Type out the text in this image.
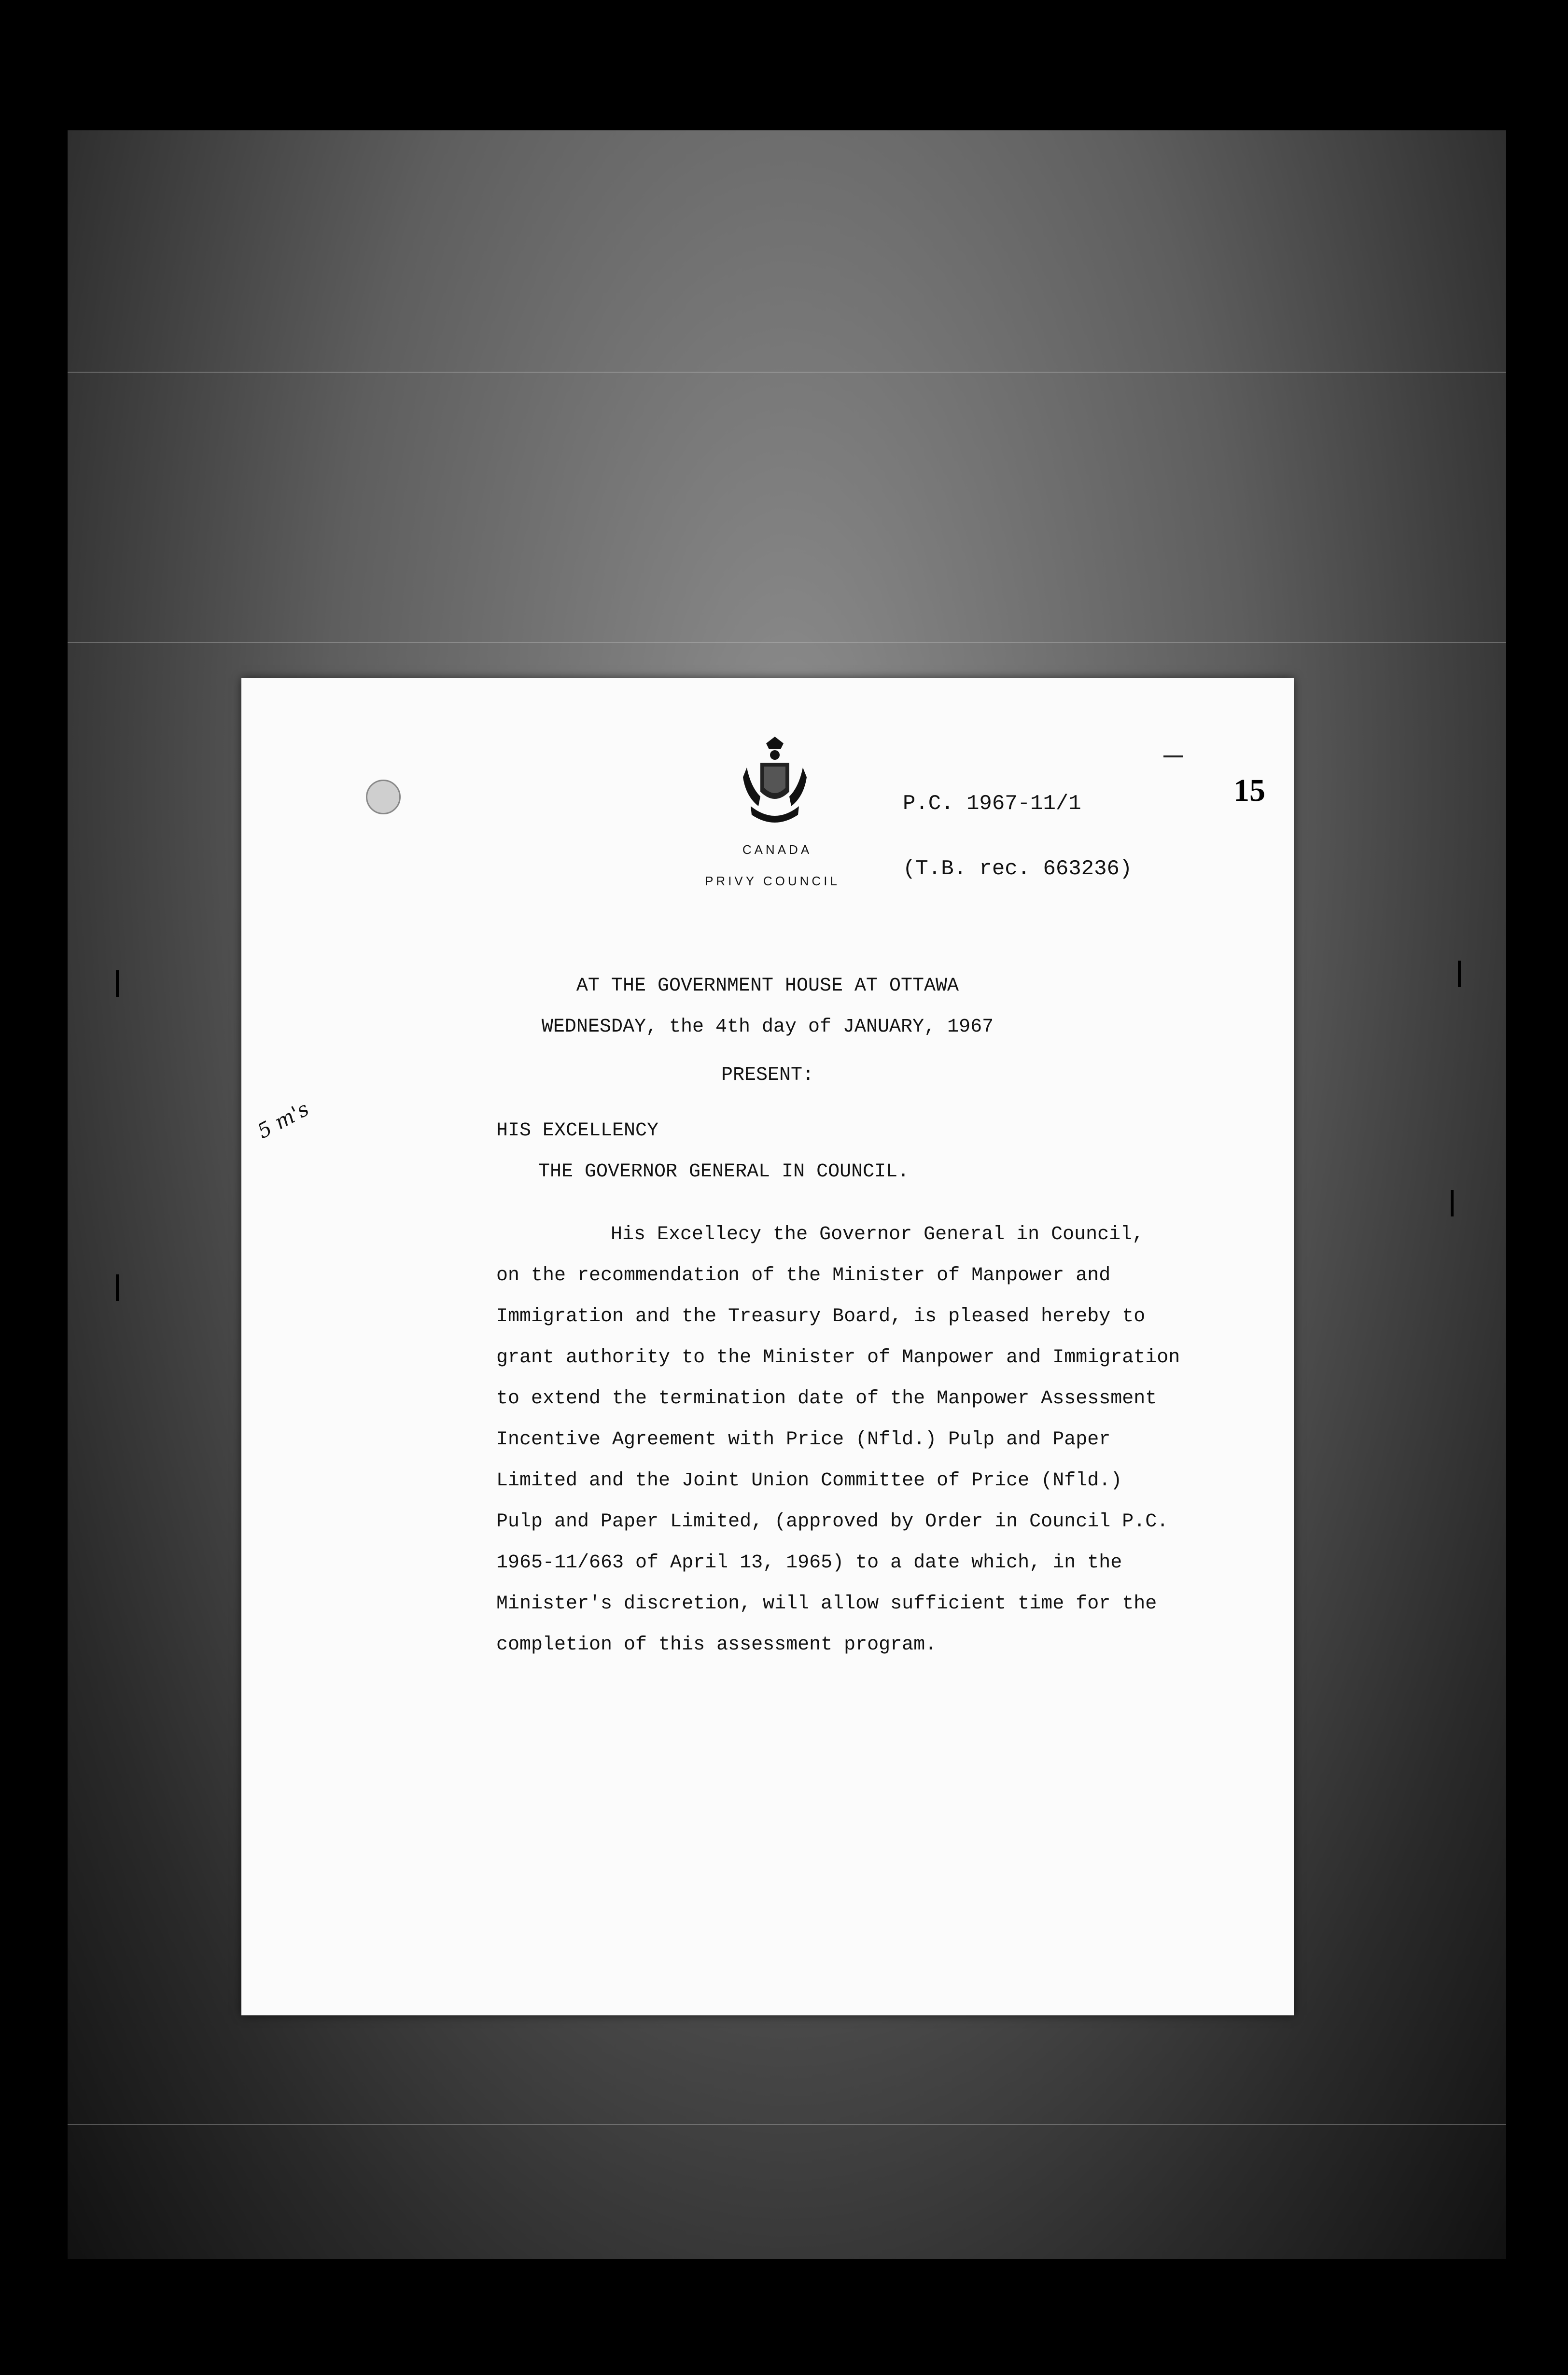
CANADA
PRIVY COUNCIL
P.C. 1967-11/1
(T.B. rec. 663236)
15
AT THE GOVERNMENT HOUSE AT OTTAWA
WEDNESDAY, the 4th day of JANUARY, 1967
PRESENT:
HIS EXCELLENCY
THE GOVERNOR GENERAL IN COUNCIL.
His Excellecy the Governor General in Council,
on the recommendation of the Minister of Manpower and
Immigration and the Treasury Board, is pleased hereby to
grant authority to the Minister of Manpower and Immigration
to extend the termination date of the Manpower Assessment
Incentive Agreement with Price (Nfld.) Pulp and Paper
Limited and the Joint Union Committee of Price (Nfld.)
Pulp and Paper Limited, (approved by Order in Council P.C.
1965-11/663 of April 13, 1965) to a date which, in the
Minister's discretion, will allow sufficient time for the
completion of this assessment program.
5 m's
